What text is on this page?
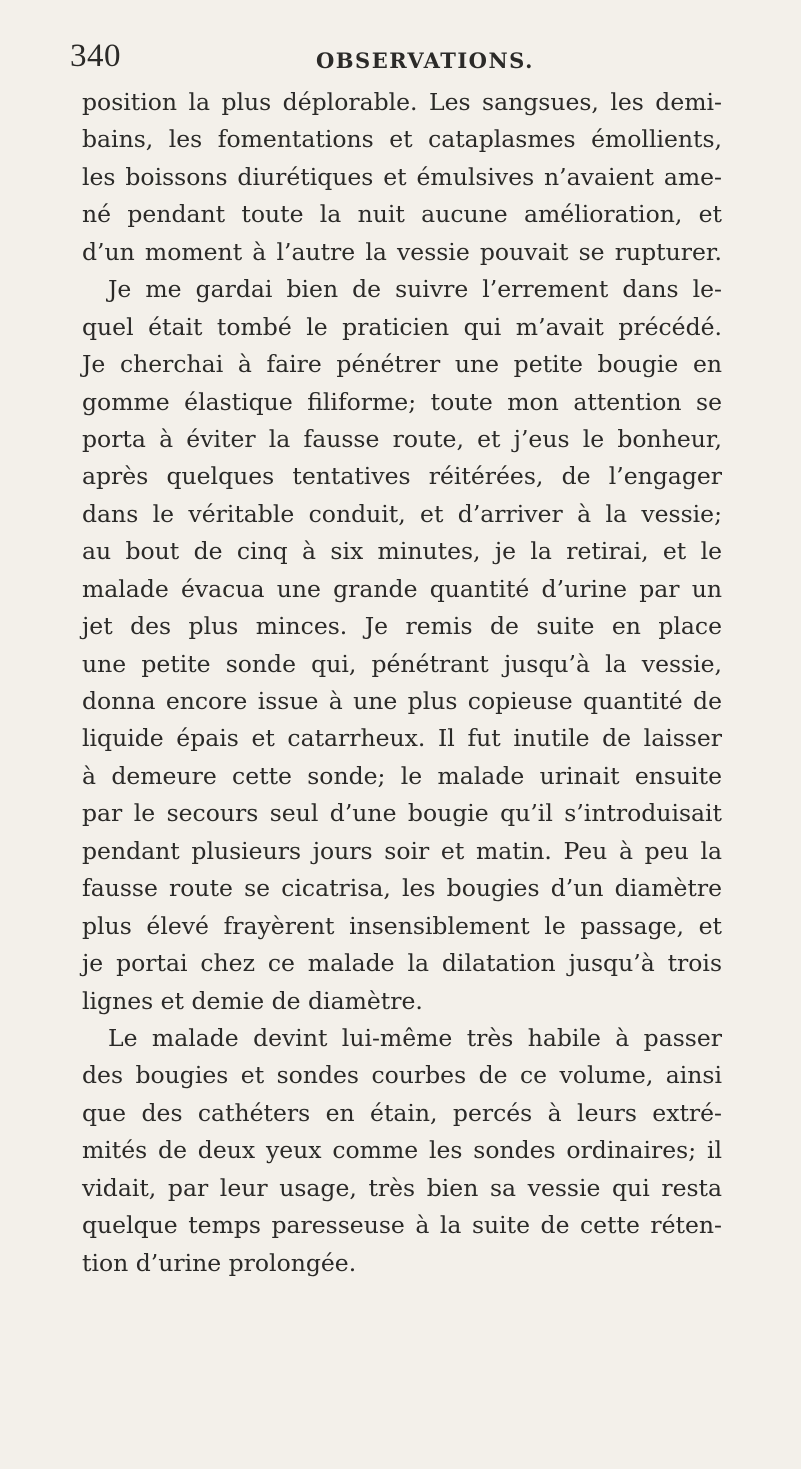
340	OBSERVATIONS.
position la plus déplorable. Les sangsues, les demi-
bains, les fomentations et cataplasmes émollients,
les boissons diurétiques et émulsives n’avaient ame-
né pendant toute la nuit aucune amélioration, et
d’un moment à l’autre la vessie pouvait se rupturer.
Je me gardai bien de suivre l’errement dans le-
quel était tombé le praticien qui m’avait précédé.
Je cherchai à faire pénétrer une petite bougie en
gomme élastique filiforme; toute mon attention se
porta à éviter la fausse route, et j’eus le bonheur,
après quelques tentatives réitérées, de l’engager
dans le véritable conduit, et d’arriver à la vessie;
au bout de cinq à six minutes, je la retirai, et le
malade évacua une grande quantité d’urine par un
jet des plus minces. Je remis de suite en place
une petite sonde qui, pénétrant jusqu’à la vessie,
donna encore issue à une plus copieuse quantité de
liquide épais et catarrheux. Il fut inutile de laisser
à demeure cette sonde; le malade urinait ensuite
par le secours seul d’une bougie qu’il s’introduisait
pendant plusieurs jours soir et matin. Peu à peu la
fausse route se cicatrisa, les bougies d’un diamètre
plus élevé frayèrent insensiblement le passage, et
je portai chez ce malade la dilatation jusqu’à trois
lignes et demie de diamètre.
Le malade devint lui-même très habile à passer
des bougies et sondes courbes de ce volume, ainsi
que des cathéters en étain, percés à leurs extré-
mités de deux yeux comme les sondes ordinaires; il
vidait, par leur usage, très bien sa vessie qui resta
quelque temps paresseuse à la suite de cette réten-
tion d’urine prolongée.
